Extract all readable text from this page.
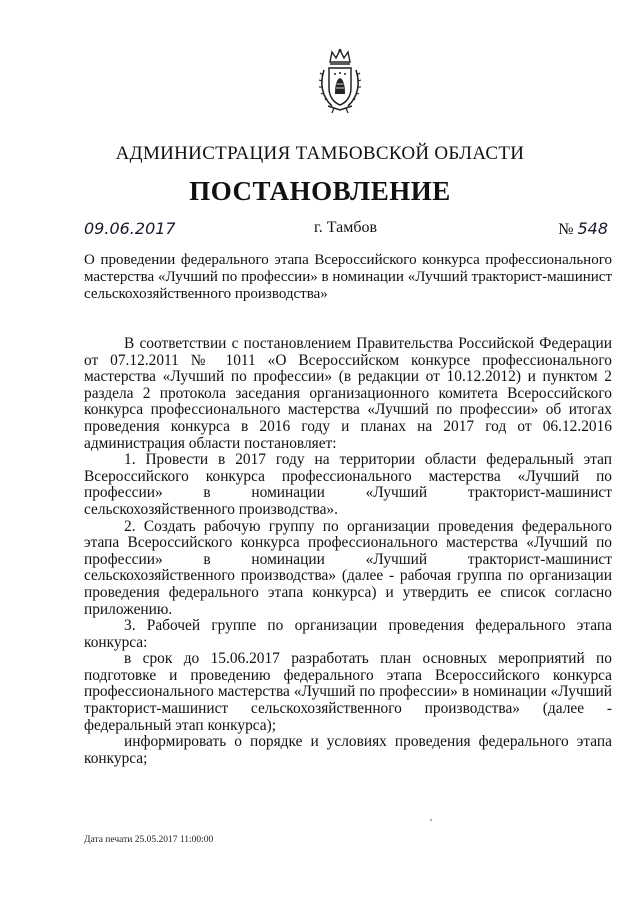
АДМИНИСТРАЦИЯ ТАМБОВСКОЙ ОБЛАСТИ
ПОСТАНОВЛЕНИЕ
09.06.2017	г. Тамбов	№ 548
О проведении федерального этапа Всероссийского конкурса профессионального мастерства «Лучший по профессии» в номинации «Лучший тракторист-машинист сельскохозяйственного производства»

В соответствии с постановлением Правительства Российской Федерации от 07.12.2011 № 1011 «О Всероссийском конкурсе профессионального мастерства «Лучший по профессии» (в редакции от 10.12.2012) и пунктом 2 раздела 2 протокола заседания организационного комитета Всероссийского конкурса профессионального мастерства «Лучший по профессии» об итогах проведения конкурса в 2016 году и планах на 2017 год от 06.12.2016 администрация области постановляет:

1. Провести в 2017 году на территории области федеральный этап Всероссийского конкурса профессионального мастерства «Лучший по профессии» в номинации «Лучший тракторист-машинист сельскохозяйственного производства».

2. Создать рабочую группу по организации проведения федерального этапа Всероссийского конкурса профессионального мастерства «Лучший по профессии» в номинации «Лучший тракторист-машинист сельскохозяйственного производства» (далее - рабочая группа по организации проведения федерального этапа конкурса) и утвердить ее список согласно приложению.

3. Рабочей группе по организации проведения федерального этапа конкурса:

в срок до 15.06.2017 разработать план основных мероприятий по подготовке и проведению федерального этапа Всероссийского конкурса профессионального мастерства «Лучший по профессии» в номинации «Лучший тракторист-машинист сельскохозяйственного производства» (далее - федеральный этап конкурса);

информировать о порядке и условиях проведения федерального этапа конкурса;

Дата печати 25.05.2017 11:00:00
